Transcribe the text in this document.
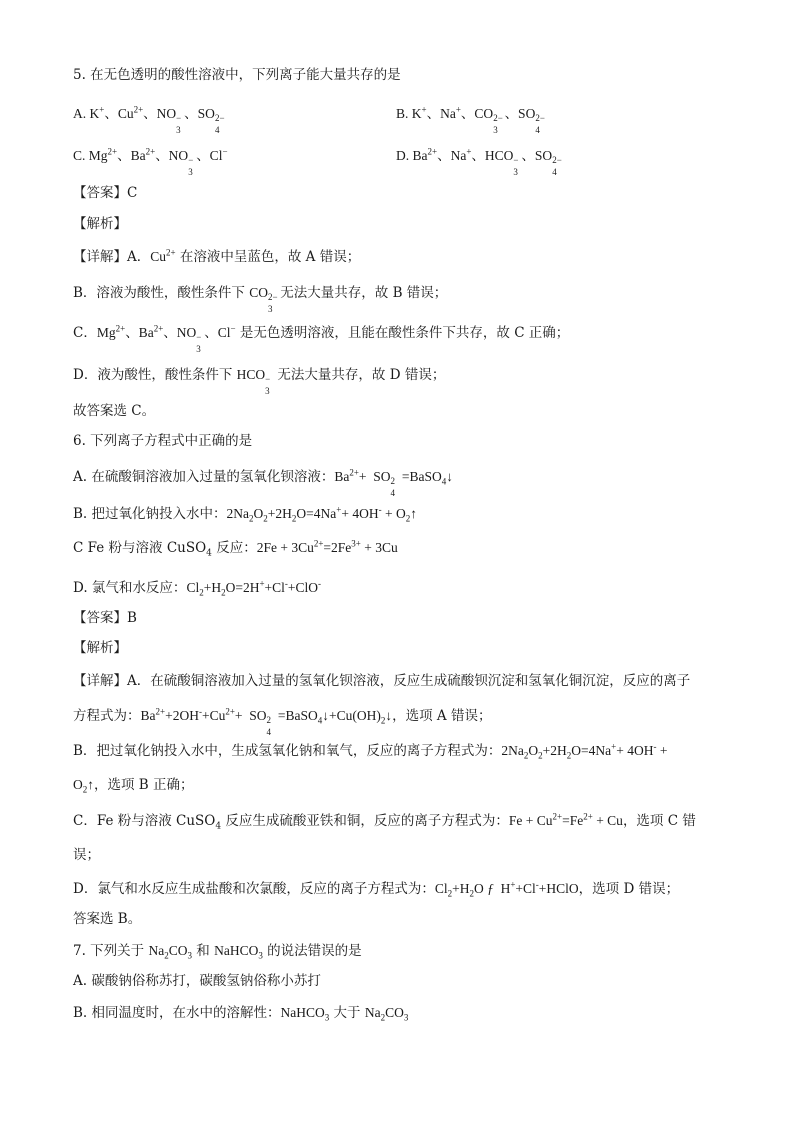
5. 在无色透明的酸性溶液中，下列离子能大量共存的是
A. K+、$Cu^{2+}$、NO −
3
、SO 2−
4
B. K+、Na+、CO 2−
3
、SO 2−
4
C. $Mg^{2+}$、$Ba^{2+}$、NO −
3
、Cl−	D. $Ba^{2+}$、Na+、HCO −
3
、SO 2−
4
【答案】C
【解析】
【详解】A．$Cu^{2+}$ 在溶液中呈蓝色，故 A 错误；
B．溶液为酸性，酸性条件下 CO 2−
3
无法大量共存，故 B 错误；
C．$Mg^{2+}$、$Ba^{2+}$、NO −
3
、Cl− 是无色透明溶液，且能在酸性条件下共存，故 C 正确；
D．液为酸性，酸性条件下 HCO −
3
无法大量共存，故 D 错误；
故答案选 C。
6. 下列离子方程式中正确的是
A. 在硫酸铜溶液加入过量的氢氧化钡溶液：$Ba^{2+}+$  SO 2
4
=BaSO$_4$↓
B. 把过氧化钠投入水中：$2Na_2O_2+2H_2O=4Na^++ 4OH^-$ + $O_2↑$
C Fe 粉与溶液 CuSO$_4$ 反应：$2Fe + 3Cu^{2+}=2Fe^{3+} + 3Cu$
D. 氯气和水反应：$Cl_2+H_2O=2H^++Cl^-+ClO^-$
【答案】B
【解析】
【详解】A．在硫酸铜溶液加入过量的氢氧化钡溶液，反应生成硫酸钡沉淀和氢氧化铜沉淀，反应的离子
方程式为：$Ba^{2+}+2OH^-+Cu^{2+}+$  SO 2
4
$=BaSO_4↓+Cu(OH)_2↓$，选项 A 错误；
B．把过氧化钠投入水中，生成氢氧化钠和氧气，反应的离子方程式为：$2Na_2O_2+2H_2O=4Na^++ 4OH^-$ +
$O_2↑$，选项 B 正确；
C．Fe 粉与溶液 CuSO$_4$ 反应生成硫酸亚铁和铜，反应的离子方程式为：$Fe + Cu^{2+}=Fe^{2+} + Cu$，选项 C 错
误；
D．氯气和水反应生成盐酸和次氯酸，反应的离子方程式为：$Cl_2+H_2O$ ƒ  H++Cl-+HClO，选项 D 错误；
答案选 B。
7. 下列关于 $Na_2CO_3$ 和 NaHCO$_3$ 的说法错误的是
A. 碳酸钠俗称苏打，碳酸氢钠俗称小苏打
B. 相同温度时，在水中的溶解性：NaHCO$_3$ 大于 $Na_2CO_3$
